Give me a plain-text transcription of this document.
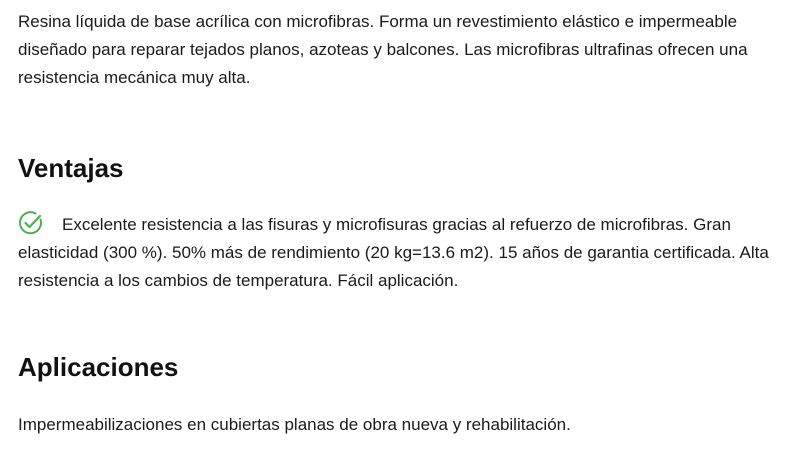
Resina líquida de base acrílica con microfibras. Forma un revestimiento elástico e impermeable diseñado para reparar tejados planos, azoteas y balcones. Las microfibras ultrafinas ofrecen una resistencia mecánica muy alta.

Ventajas

Excelente resistencia a las fisuras y microfisuras gracias al refuerzo de microfibras. Gran elasticidad (300 %). 50% más de rendimiento (20 kg=13.6 m2). 15 años de garantia certificada. Alta resistencia a los cambios de temperatura. Fácil aplicación.

Aplicaciones

Impermeabilizaciones en cubiertas planas de obra nueva y rehabilitación.
